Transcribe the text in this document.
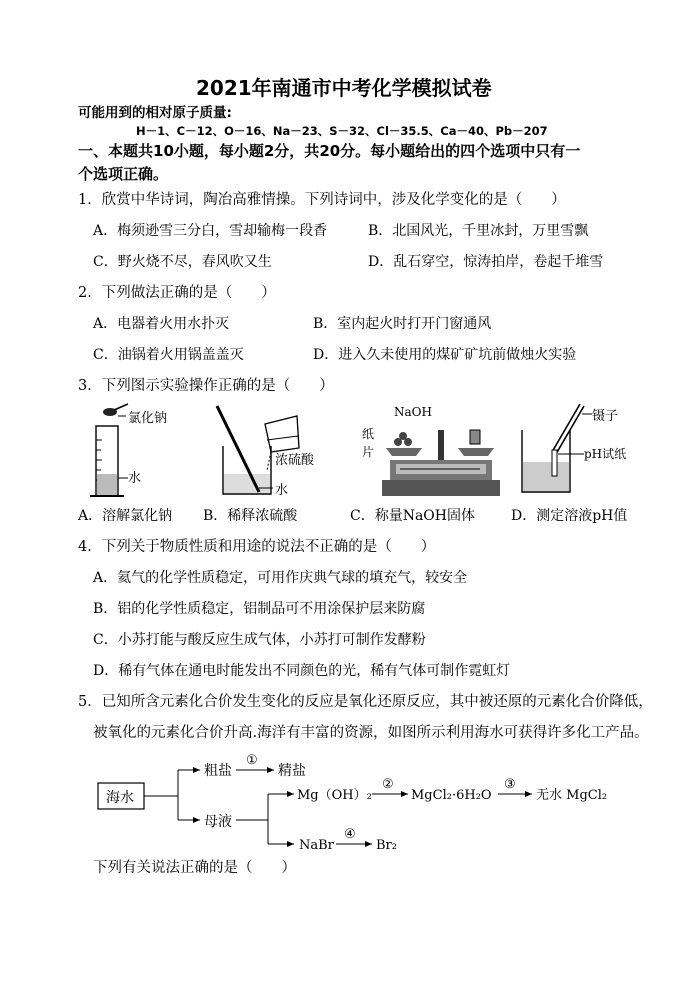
2021年南通市中考化学模拟试卷
可能用到的相对原子质量:
H－1、C－12、O－16、Na－23、S－32、Cl－35.5、Ca－40、Pb－207
一、本题共10小题，每小题2分，共20分。每小题给出的四个选项中只有一
个选项正确。
1．欣赏中华诗词，陶冶高雅情操。下列诗词中，涉及化学变化的是（　　）
A．梅须逊雪三分白，雪却输梅一段香	B．北国风光，千里冰封，万里雪飘
C．野火烧不尽，春风吹又生	D．乱石穿空，惊涛拍岸，卷起千堆雪
2．下列做法正确的是（　　）
A．电器着火用水扑灭	B．室内起火时打开门窗通风
C．油锅着火用锅盖盖灭	D．进入久未使用的煤矿矿坑前做烛火实验
3．下列图示实验操作正确的是（　　）
氯化钠
水
浓硫酸
水
NaOH
纸
片
镊子
pH试纸
A．溶解氯化钠 B．稀释浓硫酸	C．称量NaOH固体	D．测定溶液pH值
4．下列关于物质性质和用途的说法不正确的是（　　）
A．氦气的化学性质稳定，可用作庆典气球的填充气，较安全
B．铝的化学性质稳定，铝制品可不用涂保护层来防腐
C．小苏打能与酸反应生成气体，小苏打可制作发酵粉
D．稀有气体在通电时能发出不同颜色的光，稀有气体可制作霓虹灯
5．已知所含元素化合价发生变化的反应是氧化还原反应，其中被还原的元素化合价降低，
被氧化的元素化合价升高.海洋有丰富的资源，如图所示利用海水可获得许多化工产品。
海水
粗盐
母液
①
精盐
Mg（OH）₂
②
MgCl₂·6H₂O
③
无水 MgCl₂
NaBr
④
Br₂
下列有关说法正确的是（　　）
